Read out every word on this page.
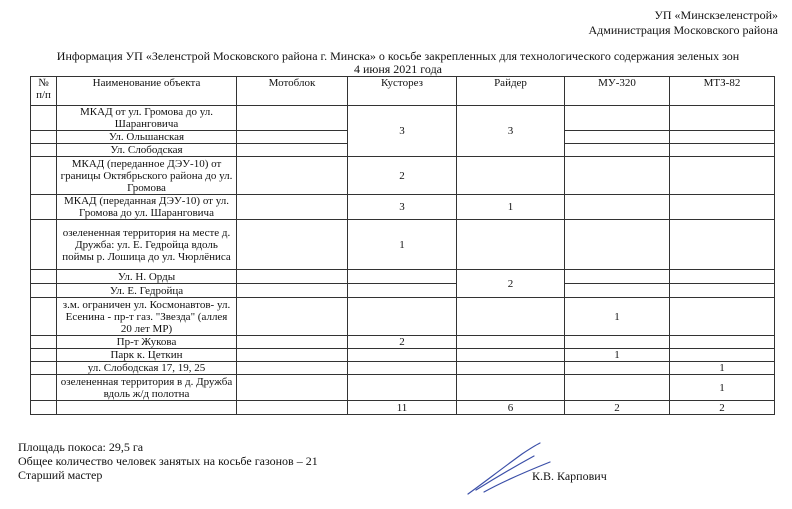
УП «Минскзеленстрой»
Администрация Московского района
Информация УП «Зеленстрой Московского района г. Минска» о косьбе закрепленных для технологического содержания зеленых зон
4 июня 2021 года
№
п/п	Наименование объекта	Мотоблок	Кусторез	Райдер	МУ-320	МТЗ-82
	МКАД от ул. Громова до ул. Шаранговича		3	3		
	Ул. Ольшанская					
	Ул. Слободская					
	МКАД (переданное ДЭУ-10) от границы Октябрьского района до ул. Громова		2			
	МКАД (переданная ДЭУ-10) от ул. Громова до ул. Шаранговича		3	1		
	озелененная территория на месте д. Дружба: ул. Е. Гедройца вдоль поймы р. Лошица до ул. Чюрлёниса		1			
	Ул. Н. Орды			2		
	Ул. Е. Гедройца					
	з.м. ограничен ул. Космонавтов- ул. Есенина - пр-т газ. "Звезда" (аллея 20 лет МР)				1	
	Пр-т Жукова		2			
	Парк к. Цеткин				1	
	ул. Слободская 17, 19, 25					1
	озелененная территория в д. Дружба вдоль ж/д полотна					1
			11	6	2	2
Площадь покоса: 29,5 га
Общее количество человек занятых на косьбе газонов – 21
Старший мастер	К.В. Карпович
